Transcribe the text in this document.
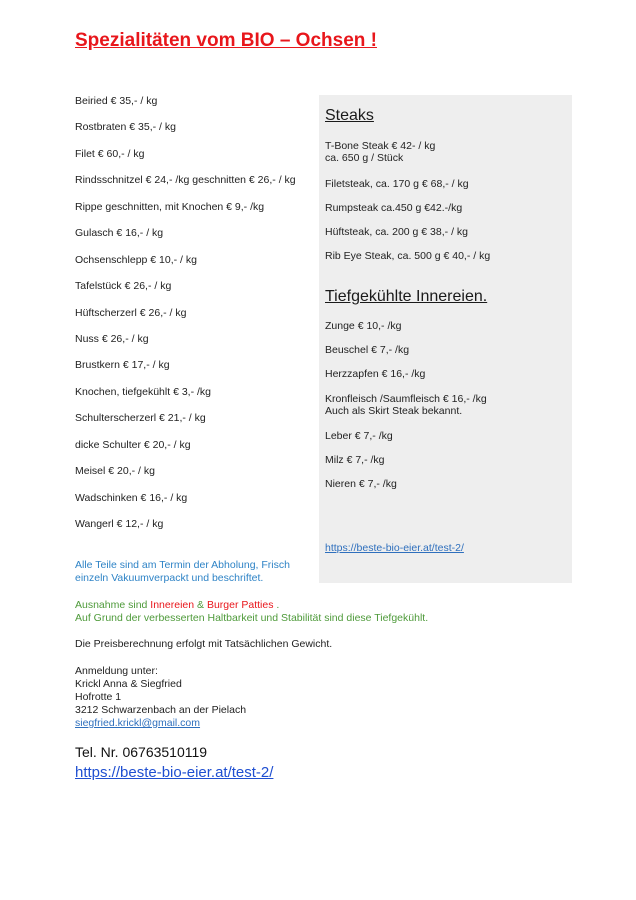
Spezialitäten vom BIO – Ochsen !
Beiried € 35,- / kg
Rostbraten € 35,- / kg
Filet € 60,- / kg
Rindsschnitzel € 24,- /kg geschnitten € 26,- / kg
Rippe geschnitten, mit Knochen € 9,- /kg
Gulasch € 16,- / kg
Ochsenschlepp € 10,- / kg
Tafelstück € 26,- / kg
Hüftscherzerl € 26,- / kg
Nuss € 26,- / kg
Brustkern € 17,- / kg
Knochen, tiefgekühlt € 3,- /kg
Schulterscherzerl € 21,- / kg
dicke Schulter € 20,- / kg
Meisel € 20,- / kg
Wadschinken € 16,- / kg
Wangerl € 12,- / kg
Steaks
T-Bone Steak € 42- / kg
ca. 650 g / Stück
Filetsteak, ca. 170 g € 68,- / kg
Rumpsteak ca.450 g €42.-/kg
Hüftsteak, ca. 200 g € 38,- / kg
Rib Eye Steak, ca. 500 g € 40,- / kg
Tiefgekühlte Innereien.
Zunge € 10,- /kg
Beuschel € 7,- /kg
Herzzapfen € 16,- /kg
Kronfleisch /Saumfleisch € 16,- /kg
Auch als Skirt Steak bekannt.
Leber € 7,- /kg
Milz € 7,- /kg
Nieren € 7,- /kg
https://beste-bio-eier.at/test-2/

Alle Teile sind am Termin der Abholung, Frisch
einzeln Vakuumverpackt und beschriftet.

Ausnahme sind Innereien & Burger Patties .
Auf Grund der verbesserten Haltbarkeit und Stabilität sind diese Tiefgekühlt.

Die Preisberechnung erfolgt mit Tatsächlichen Gewicht.

Anmeldung unter:
Krickl Anna & Siegfried
Hofrotte 1
3212 Schwarzenbach an der Pielach
siegfried.krickl@gmail.com
Tel. Nr. 06763510119
https://beste-bio-eier.at/test-2/
